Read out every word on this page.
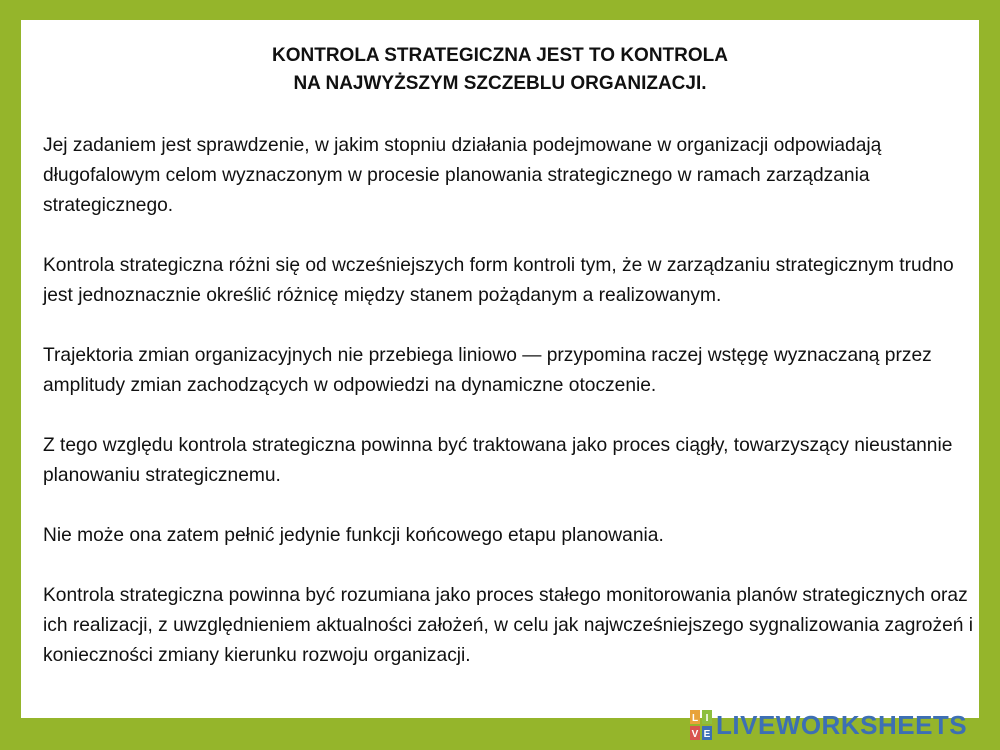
KONTROLA STRATEGICZNA JEST TO KONTROLA
NA NAJWYŻSZYM SZCZEBLU ORGANIZACJI.

Jej zadaniem jest sprawdzenie, w jakim stopniu działania podejmowane w organizacji odpowiadają długofalowym celom wyznaczonym w procesie planowania strategicznego w ramach zarządzania strategicznego.

Kontrola strategiczna różni się od wcześniejszych form kontroli tym, że w zarządzaniu strategicznym trudno jest jednoznacznie określić różnicę między stanem pożądanym a realizowanym.

Trajektoria zmian organizacyjnych nie przebiega liniowo — przypomina raczej wstęgę wyznaczaną przez amplitudy zmian zachodzących w odpowiedzi na dynamiczne otoczenie.

Z tego względu kontrola strategiczna powinna być traktowana jako proces ciągły, towarzyszący nieustannie planowaniu strategicznemu.

Nie może ona zatem pełnić jedynie funkcji końcowego etapu planowania.

Kontrola strategiczna powinna być rozumiana jako proces stałego monitorowania planów strategicznych oraz ich realizacji, z uwzględnieniem aktualności założeń, w celu jak najwcześniejszego sygnalizowania zagrożeń i konieczności zmiany kierunku rozwoju organizacji.

L I
V E LIVEWORKSHEETS
